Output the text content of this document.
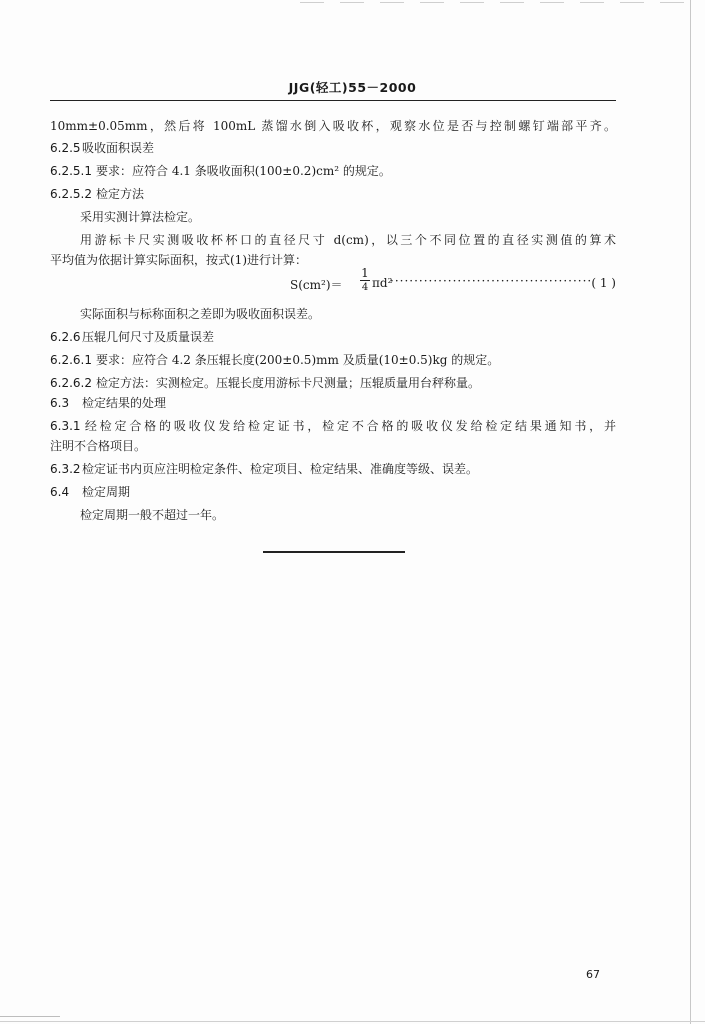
JJG(轻工)55－2000
10mm±0.05mm，然后将 100mL 蒸馏水倒入吸收杯，观察水位是否与控制螺钉端部平齐。
6.2.5吸收面积误差
6.2.5.1 要求：应符合 4.1 条吸收面积(100±0.2)cm² 的规定。
6.2.5.2 检定方法
采用实测计算法检定。
用游标卡尺实测吸收杯杯口的直径尺寸 d(cm)，以三个不同位置的直径实测值的算术
平均值为依据计算实际面积，按式(1)进行计算：
S(cm²)＝
1
4 πd²
·········································· ( 1 )
实际面积与标称面积之差即为吸收面积误差。
6.2.6压辊几何尺寸及质量误差
6.2.6.1 要求：应符合 4.2 条压辊长度(200±0.5)mm 及质量(10±0.5)kg 的规定。
6.2.6.2 检定方法：实测检定。压辊长度用游标卡尺测量；压辊质量用台秤称量。
6.3 检定结果的处理
6.3.1经检定合格的吸收仪发给检定证书，检定不合格的吸收仪发给检定结果通知书，并
注明不合格项目。
6.3.2检定证书内页应注明检定条件、检定项目、检定结果、准确度等级、误差。
6.4 检定周期
检定周期一般不超过一年。
67
